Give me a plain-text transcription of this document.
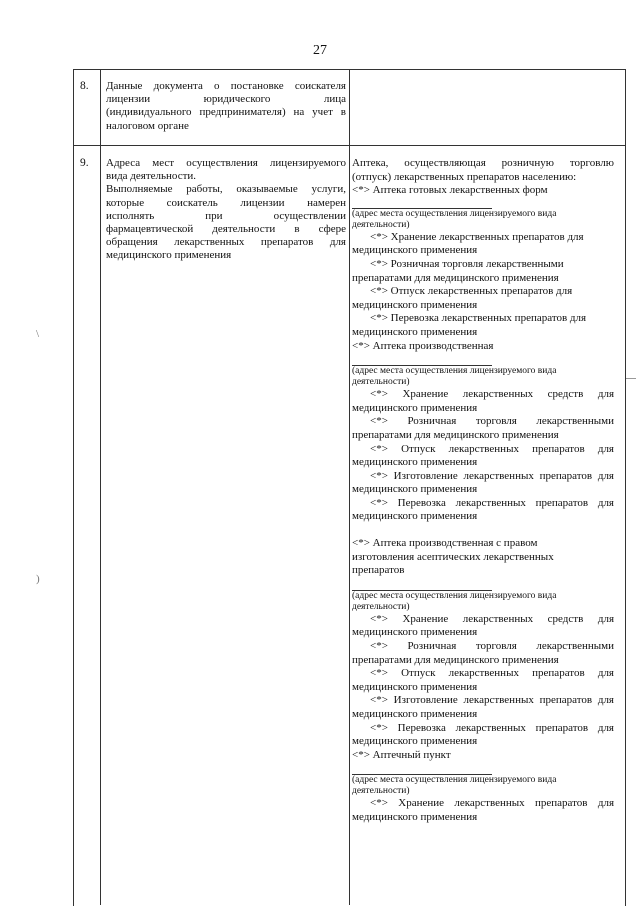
27
8. Данные документа о постановке соискателя
лицензии юридического лица
(индивидуального предпринимателя) на учет в
налоговом органе
9. Адреса мест осуществления лицензируемого
вида деятельности.
Выполняемые работы, оказываемые услуги,
которые соискатель лицензии намерен
исполнять при осуществлении
фармацевтической деятельности в сфере
обращения лекарственных препаратов для
медицинского применения
Аптека, осуществляющая розничную торговлю
(отпуск) лекарственных препаратов населению:
<*> Аптека готовых лекарственных форм
(адрес места осуществления лицензируемого вида
деятельности)
<*> Хранение лекарственных препаратов для
медицинского применения
<*> Розничная торговля лекарственными
препаратами для медицинского применения
<*> Отпуск лекарственных препаратов для
медицинского применения
<*> Перевозка лекарственных препаратов для
медицинского применения
<*> Аптека производственная
(адрес места осуществления лицензируемого вида
деятельности)
<*> Хранение лекарственных средств для
медицинского применения
<*> Розничная торговля лекарственными
препаратами для медицинского применения
<*> Отпуск лекарственных препаратов для
медицинского применения
<*> Изготовление лекарственных препаратов для
медицинского применения
<*> Перевозка лекарственных препаратов для
медицинского применения
<*> Аптека производственная с правом
изготовления асептических лекарственных
препаратов
(адрес места осуществления лицензируемого вида
деятельности)
<*> Хранение лекарственных средств для
медицинского применения
<*> Розничная торговля лекарственными
препаратами для медицинского применения
<*> Отпуск лекарственных препаратов для
медицинского применения
<*> Изготовление лекарственных препаратов для
медицинского применения
<*> Перевозка лекарственных препаратов для
медицинского применения
<*> Аптечный пункт
(адрес места осуществления лицензируемого вида
деятельности)
<*> Хранение лекарственных препаратов для
медицинского применения
\
)
